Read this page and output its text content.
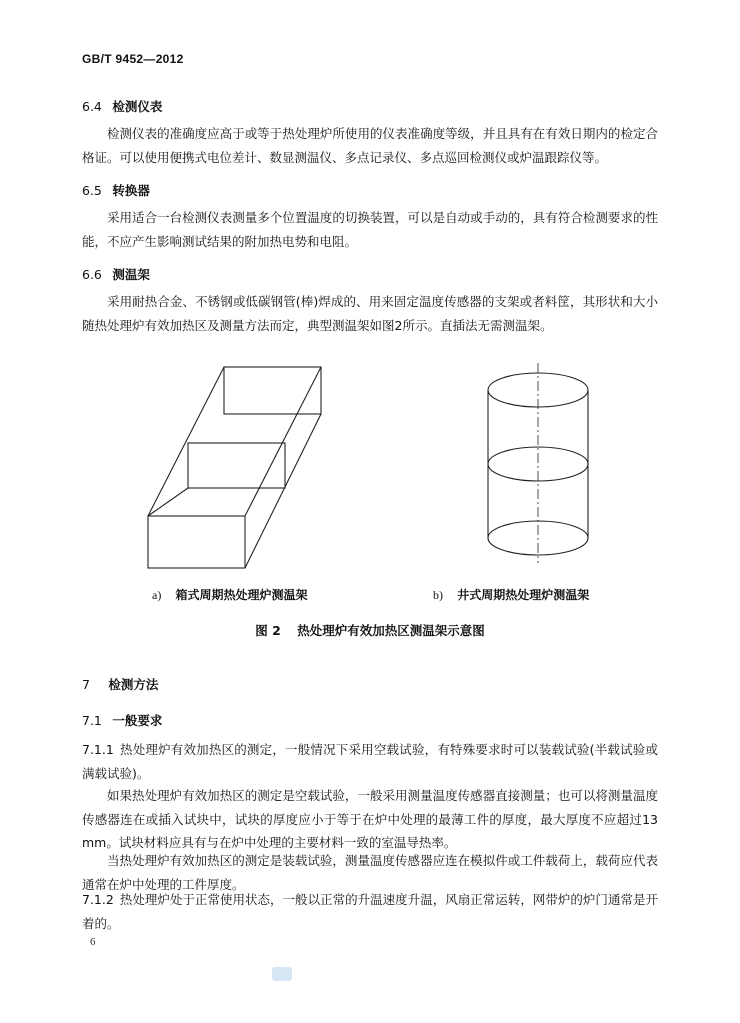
GB/T 9452—2012
6.4 检测仪表

检测仪表的准确度应高于或等于热处理炉所使用的仪表准确度等级，并且具有在有效日期内的检定合格证。可以使用便携式电位差计、数显测温仪、多点记录仪、多点巡回检测仪或炉温跟踪仪等。

6.5 转换器

采用适合一台检测仪表测量多个位置温度的切换装置，可以是自动或手动的，具有符合检测要求的性能，不应产生影响测试结果的附加热电势和电阻。

6.6 测温架

采用耐热合金、不锈钢或低碳钢管(棒)焊成的、用来固定温度传感器的支架或者料筐，其形状和大小随热处理炉有效加热区及测量方法而定，典型测温架如图2所示。直插法无需测温架。

a) 箱式周期热处理炉测温架	b) 井式周期热处理炉测温架
图 2 热处理炉有效加热区测温架示意图
7 检测方法
7.1 一般要求

7.1.1 热处理炉有效加热区的测定，一般情况下采用空载试验，有特殊要求时可以装载试验(半载试验或满载试验)。

如果热处理炉有效加热区的测定是空载试验，一般采用测量温度传感器直接测量；也可以将测量温度传感器连在或插入试块中，试块的厚度应小于等于在炉中处理的最薄工件的厚度，最大厚度不应超过13 mm。试块材料应具有与在炉中处理的主要材料一致的室温导热率。

当热处理炉有效加热区的测定是装载试验，测量温度传感器应连在模拟件或工件载荷上，载荷应代表通常在炉中处理的工件厚度。

7.1.2 热处理炉处于正常使用状态，一般以正常的升温速度升温，风扇正常运转，网带炉的炉门通常是开着的。

6
